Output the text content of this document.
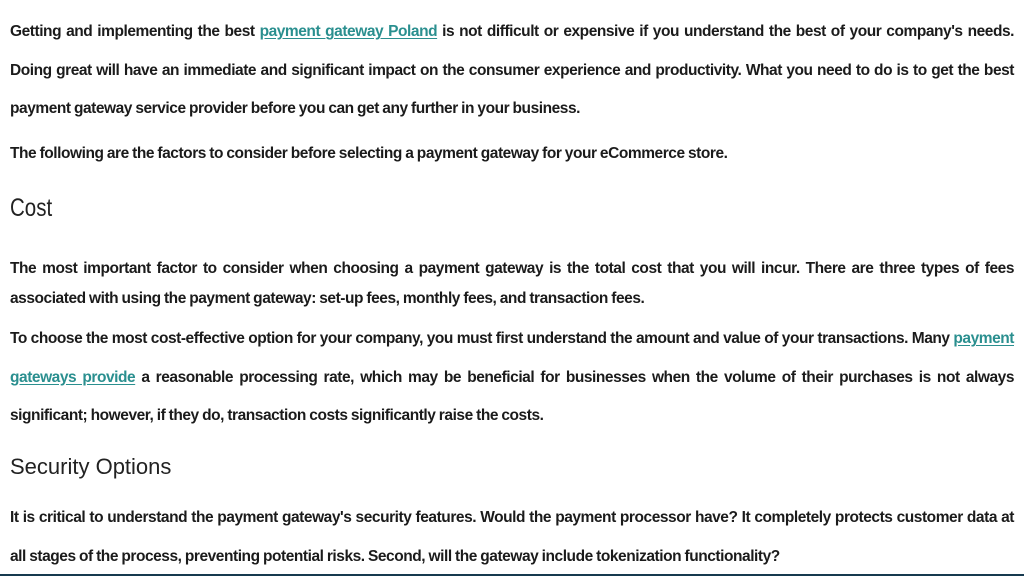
Getting and implementing the best payment gateway Poland is not difficult or expensive if you understand the best of your company's needs. Doing great will have an immediate and significant impact on the consumer experience and productivity. What you need to do is to get the best payment gateway service provider before you can get any further in your business.

The following are the factors to consider before selecting a payment gateway for your eCommerce store.

Cost

The most important factor to consider when choosing a payment gateway is the total cost that you will incur. There are three types of fees associated with using the payment gateway: set-up fees, monthly fees, and transaction fees.

To choose the most cost-effective option for your company, you must first understand the amount and value of your transactions. Many payment gateways provide a reasonable processing rate, which may be beneficial for businesses when the volume of their purchases is not always significant; however, if they do, transaction costs significantly raise the costs.

Security Options

It is critical to understand the payment gateway's security features. Would the payment processor have? It completely protects customer data at all stages of the process, preventing potential risks. Second, will the gateway include tokenization functionality?
